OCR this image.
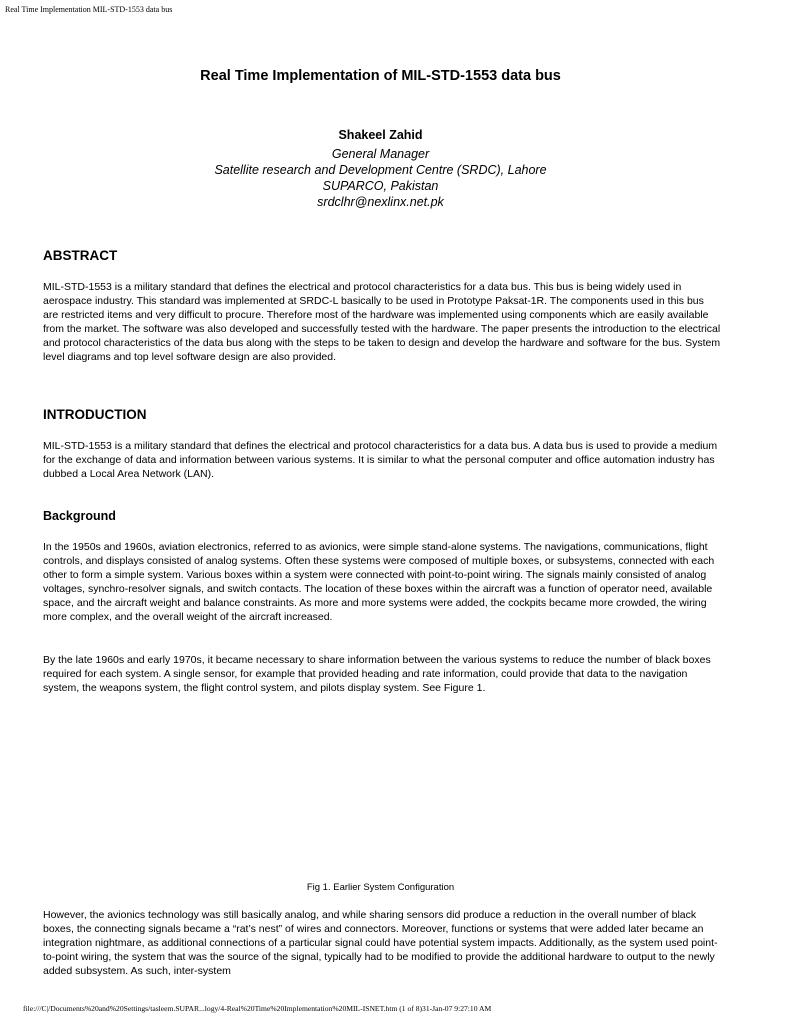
Real Time Implementation MIL-STD-1553 data bus
Real Time Implementation of MIL-STD-1553 data bus
Shakeel Zahid
General Manager
Satellite research and Development Centre (SRDC), Lahore
SUPARCO, Pakistan
srdclhr@nexlinx.net.pk
ABSTRACT
MIL-STD-1553 is a military standard that defines the electrical and protocol characteristics for a data bus. This bus is being widely used in aerospace industry. This standard was implemented at SRDC-L basically to be used in Prototype Paksat-1R. The components used in this bus are restricted items and very difficult to procure. Therefore most of the hardware was implemented using components which are easily available from the market. The software was also developed and successfully tested with the hardware. The paper presents the introduction to the electrical and protocol characteristics of the data bus along with the steps to be taken to design and develop the hardware and software for the bus. System level diagrams and top level software design are also provided.
INTRODUCTION
MIL-STD-1553 is a military standard that defines the electrical and protocol characteristics for a data bus. A data bus is used to provide a medium for the exchange of data and information between various systems. It is similar to what the personal computer and office automation industry has dubbed a Local Area Network (LAN).
Background
In the 1950s and 1960s, aviation electronics, referred to as avionics, were simple stand-alone systems. The navigations, communications, flight controls, and displays consisted of analog systems. Often these systems were composed of multiple boxes, or subsystems, connected with each other to form a simple system. Various boxes within a system were connected with point-to-point wiring. The signals mainly consisted of analog voltages, synchro-resolver signals, and switch contacts. The location of these boxes within the aircraft was a function of operator need, available space, and the aircraft weight and balance constraints. As more and more systems were added, the cockpits became more crowded, the wiring more complex, and the overall weight of the aircraft increased.
By the late 1960s and early 1970s, it became necessary to share information between the various systems to reduce the number of black boxes required for each system. A single sensor, for example that provided heading and rate information, could provide that data to the navigation system, the weapons system, the flight control system, and pilots display system. See Figure 1.
Fig 1. Earlier System Configuration
However, the avionics technology was still basically analog, and while sharing sensors did produce a reduction in the overall number of black boxes, the connecting signals became a “rat’s nest” of wires and connectors. Moreover, functions or systems that were added later became an integration nightmare, as additional connections of a particular signal could have potential system impacts. Additionally, as the system used point-to-point wiring, the system that was the source of the signal, typically had to be modified to provide the additional hardware to output to the newly added subsystem. As such, inter-system
file:///C|/Documents%20and%20Settings/tasleem.SUPAR...logy/4-Real%20Time%20Implementation%20MIL-ISNET.htm (1 of 8)31-Jan-07 9:27:10 AM
